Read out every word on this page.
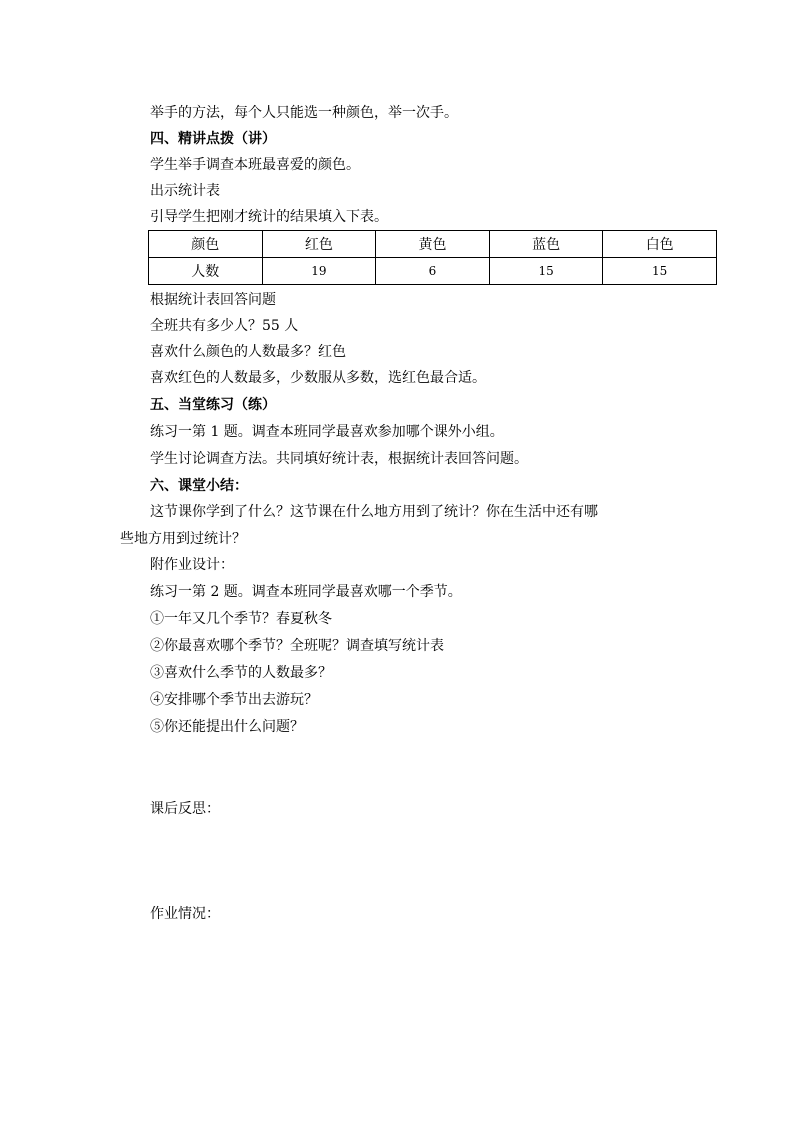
举手的方法，每个人只能选一种颜色，举一次手。
四、精讲点拨（讲）
学生举手调查本班最喜爱的颜色。
出示统计表
引导学生把刚才统计的结果填入下表。
颜色	红色	黄色	蓝色	白色
人数	19	6	15	15
根据统计表回答问题
全班共有多少人？55 人
喜欢什么颜色的人数最多？红色
喜欢红色的人数最多，少数服从多数，选红色最合适。
五、当堂练习（练）
练习一第 1 题。调查本班同学最喜欢参加哪个课外小组。
学生讨论调查方法。共同填好统计表，根据统计表回答问题。
六、课堂小结：
这节课你学到了什么？这节课在什么地方用到了统计？你在生活中还有哪
些地方用到过统计？
附作业设计：
练习一第 2 题。调查本班同学最喜欢哪一个季节。
①一年又几个季节？春夏秋冬
②你最喜欢哪个季节？全班呢？调查填写统计表
③喜欢什么季节的人数最多？
④安排哪个季节出去游玩？
⑤你还能提出什么问题？
课后反思：
作业情况：
